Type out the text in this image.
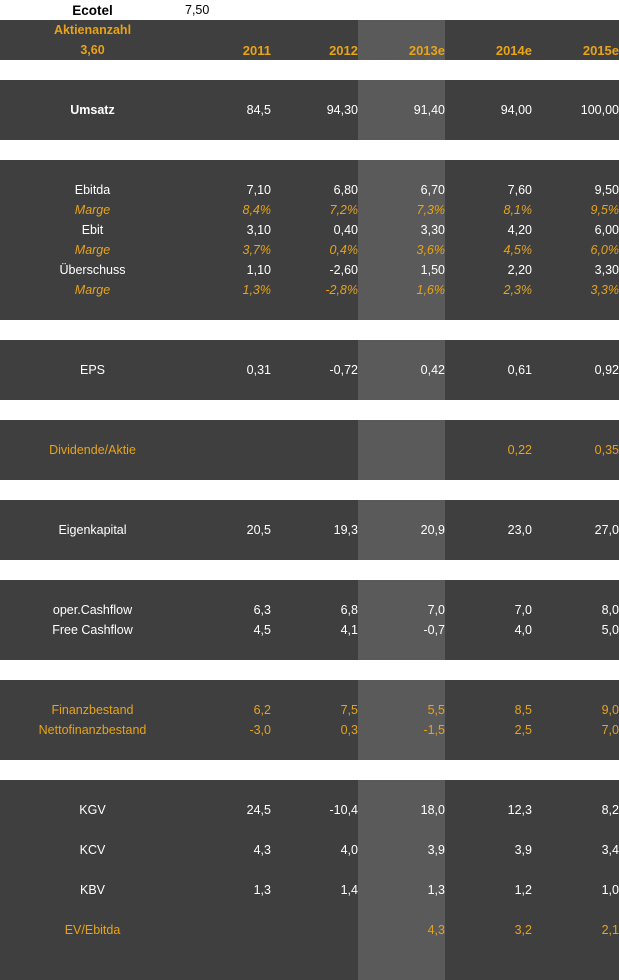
Ecotel	7,50				
Aktienanzahl					
3,60	2011	2012	2013e	2014e	2015e

Umsatz	84,5	94,30	91,40	94,00	100,00

Ebitda	7,10	6,80	6,70	7,60	9,50
Marge	8,4%	7,2%	7,3%	8,1%	9,5%
Ebit	3,10	0,40	3,30	4,20	6,00
Marge	3,7%	0,4%	3,6%	4,5%	6,0%
Überschuss	1,10	-2,60	1,50	2,20	3,30
Marge	1,3%	-2,8%	1,6%	2,3%	3,3%

EPS	0,31	-0,72	0,42	0,61	0,92

Dividende/Aktie				0,22	0,35

Eigenkapital	20,5	19,3	20,9	23,0	27,0

oper.Cashflow	6,3	6,8	7,0	7,0	8,0
Free Cashflow	4,5	4,1	-0,7	4,0	5,0

Finanzbestand	6,2	7,5	5,5	8,5	9,0
Nettofinanzbestand	-3,0	0,3	-1,5	2,5	7,0

KGV	24,5	-10,4	18,0	12,3	8,2

KCV	4,3	4,0	3,9	3,9	3,4

KBV	1,3	1,4	1,3	1,2	1,0

EV/Ebitda			4,3	3,2	2,1
